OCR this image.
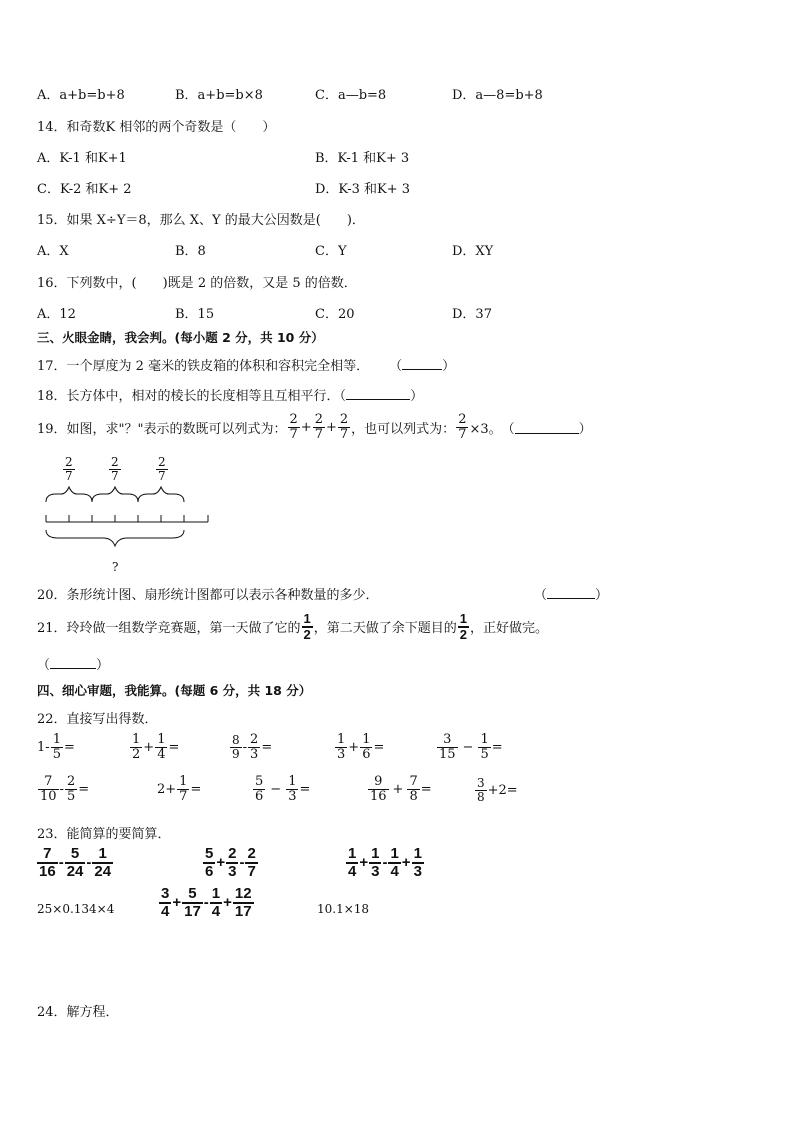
A．a+b=b+8	B．a+b=b×8	C．a—b=8	D．a—8=b+8
14．和奇数K 相邻的两个奇数是（　　）
A．K-1 和K+1	B．K-1 和K+ 3
C．K-2 和K+ 2	D．K-3 和K+ 3
15．如果 X÷Y＝8，那么 X、Y 的最大公因数是(　　)．
A．X	B．8	C．Y	D．XY
16．下列数中，(　　)既是 2 的倍数，又是 5 的倍数．
A．12	B．15	C．20	D．37
三、火眼金睛，我会判。(每小题 2 分，共 10 分）
17．一个厚度为 2 毫米的铁皮箱的体积和容积完全相等． （	）
18．长方体中，相对的棱长的长度相等且互相平行．（	）
19．如图，求"？"表示的数既可以列式为： $\frac{2}{7} + \frac{2}{7} + \frac{2}{7}$ ，也可以列式为： $\frac{2}{7} \times 3$。 （	）
$\frac{2}{7}$	$\frac{2}{7}$	$\frac{2}{7}$
?
20．条形统计图、扇形统计图都可以表示各种数量的多少．	（	）
21．玲玲做一组数学竞赛题，第一天做了它的 $\frac{1}{2}$ ，第二天做了余下题目的 $\frac{1}{2}$ ，正好做完。
（	）
四、细心审题，我能算。(每题 6 分，共 18 分）
22．直接写出得数．
$1 - \frac{1}{5}$ =	$\frac{1}{2} + \frac{1}{4}$ =	$\frac{8}{9} - \frac{2}{3}$ =	$\frac{1}{3} + \frac{1}{6}$ =	$\frac{3}{15} - \frac{1}{5}$ =
$\frac{7}{10} - \frac{2}{5}$ =	$2+ \frac{1}{7}$ =	$\frac{5}{6} - \frac{1}{3}$ =	$\frac{9}{16} + \frac{7}{8}$ =	$\frac{3}{8} +2=$
23．能简算的要简算．
$\frac{7}{16} - \frac{5}{24} - \frac{1}{24}$	$\frac{5}{6} + \frac{2}{3} - \frac{2}{7}$	$\frac{1}{4} + \frac{1}{3} - \frac{1}{4} + \frac{1}{3}$
25×0.134×4	$\frac{3}{4} + \frac{5}{17} - \frac{1}{4} + \frac{12}{17}$	10.1×18
24．解方程．
